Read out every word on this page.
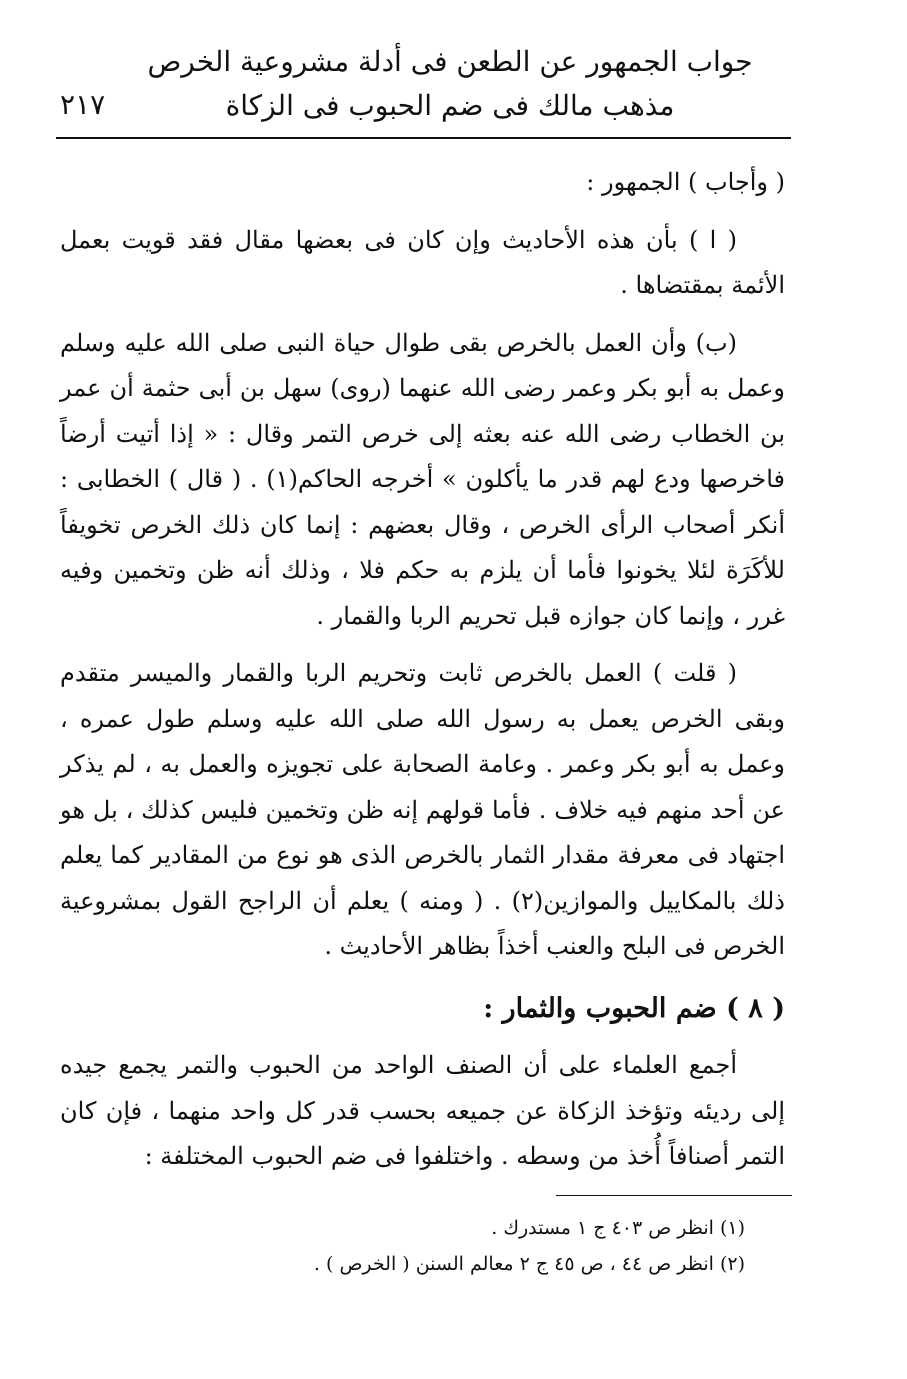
جواب الجمهور عن الطعن فى أدلة مشروعية الخرص
مذهب مالك فى ضم الحبوب فى الزكاة
٢١٧

( وأجاب ) الجمهور :

( ا ) بأن هذه الأحاديث وإن كان فى بعضها مقال فقد قويت بعمل الأئمة بمقتضاها .

(ب) وأن العمل بالخرص بقى طوال حياة النبى صلى الله عليه وسلم وعمل به أبو بكر وعمر رضى الله عنهما (روى) سهل بن أبى حثمة أن عمر بن الخطاب رضى الله عنه بعثه إلى خرص التمر وقال : « إذا أتيت أرضاً فاخرصها ودع لهم قدر ما يأكلون » أخرجه الحاكم(١) . ( قال ) الخطابى : أنكر أصحاب الرأى الخرص ، وقال بعضهم : إنما كان ذلك الخرص تخويفاً للأكَرَة لئلا يخونوا فأما أن يلزم به حكم فلا ، وذلك أنه ظن وتخمين وفيه غرر ، وإنما كان جوازه قبل تحريم الربا والقمار .

( قلت ) العمل بالخرص ثابت وتحريم الربا والقمار والميسر متقدم وبقى الخرص يعمل به رسول الله صلى الله عليه وسلم طول عمره ، وعمل به أبو بكر وعمر . وعامة الصحابة على تجويزه والعمل به ، لم يذكر عن أحد منهم فيه خلاف . فأما قولهم إنه ظن وتخمين فليس كذلك ، بل هو اجتهاد فى معرفة مقدار الثمار بالخرص الذى هو نوع من المقادير كما يعلم ذلك بالمكاييل والموازين(٢) . ( ومنه ) يعلم أن الراجح القول بمشروعية الخرص فى البلح والعنب أخذاً بظاهر الأحاديث .

( ٨ ) ضم الحبوب والثمار :

أجمع العلماء على أن الصنف الواحد من الحبوب والتمر يجمع جيده إلى رديئه وتؤخذ الزكاة عن جميعه بحسب قدر كل واحد منهما ، فإن كان التمر أصنافاً أُخذ من وسطه . واختلفوا فى ضم الحبوب المختلفة :

(١) انظر ص ٤٠٣ ج ١ مستدرك .
(٢) انظر ص ٤٤ ، ص ٤٥ ج ٢ معالم السنن ( الخرص ) .
